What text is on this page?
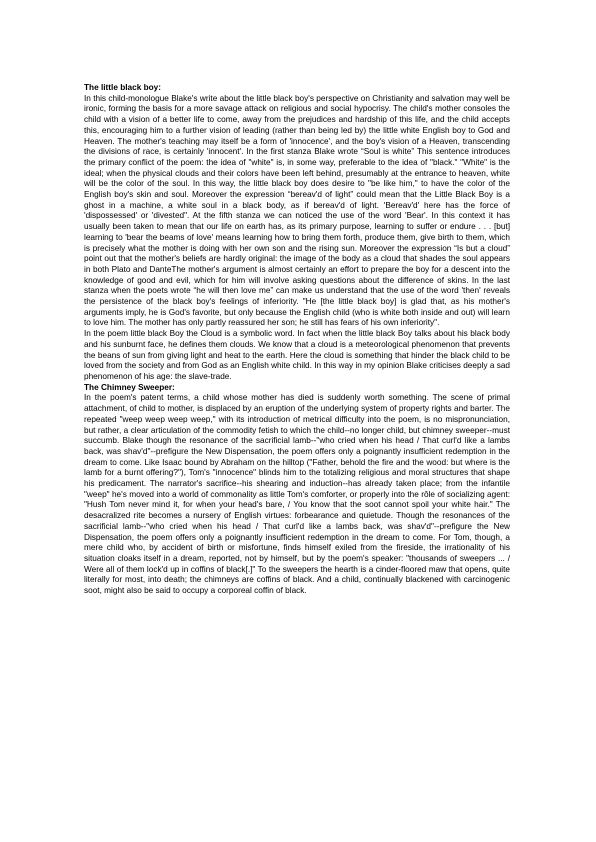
The little black boy:

In this child-monologue Blake's write about the little black boy's perspective on Christianity and salvation may well be ironic, forming the basis for a more savage attack on religious and social hypocrisy. The child's mother consoles the child with a vision of a better life to come, away from the prejudices and hardship of this life, and the child accepts this, encouraging him to a further vision of leading (rather than being led by) the little white English boy to God and Heaven. The mother's teaching may itself be a form of 'innocence', and the boy's vision of a Heaven, transcending the divisions of race, is certainly 'innocent'. In the first stanza Blake wrote “Soul is white” This sentence introduces the primary conflict of the poem: the idea of "white" is, in some way, preferable to the idea of "black." "White" is the ideal; when the physical clouds and their colors have been left behind, presumably at the entrance to heaven, white will be the color of the soul. In this way, the little black boy does desire to "be like him," to have the color of the English boy's skin and soul. Moreover the expression “bereav'd of light” could mean that the Little Black Boy is a ghost in a machine, a white soul in a black body, as if bereav'd of light. 'Bereav'd' here has the force of 'dispossessed' or 'divested". At the fifth stanza we can noticed the use of the word 'Bear'. In this context it has usually been taken to mean that our life on earth has, as its primary purpose, learning to suffer or endure . . . [but] learning to 'bear the beams of love' means learning how to bring them forth, produce them, give birth to them, which is precisely what the mother is doing with her own son and the rising sun. Moreover the expression “Is but a cloud” point out that the mother's beliefs are hardly original: the image of the body as a cloud that shades the soul appears in both Plato and DanteThe mother's argument is almost certainly an effort to prepare the boy for a descent into the knowledge of good and evil, which for him will involve asking questions about the difference of skins. In the last stanza when the poets wrote “he will then love me” can make us understand that the use of the word 'then' reveals the persistence of the black boy's feelings of inferiority. "He [the little black boy] is glad that, as his mother's arguments imply, he is God's favorite, but only because the English child (who is white both inside and out) will learn to love him. The mother has only partly reassured her son; he still has fears of his own inferiority".

In the poem little black Boy the Cloud is a symbolic word. In fact when the little black Boy talks about his black body and his sunburnt face, he defines them clouds. We know that a cloud is a meteorological phenomenon that prevents the beans of sun from giving light and heat to the earth. Here the cloud is something that hinder the black child to be loved from the society and from God as an English white child. In this way in my opinion Blake criticises deeply a sad phenomenon of his age: the slave-trade.

The Chimney Sweeper:

In the poem's patent terms, a child whose mother has died is suddenly worth something. The scene of primal attachment, of child to mother, is displaced by an eruption of the underlying system of property rights and barter. The repeated "weep weep weep weep," with its introduction of metrical difficulty into the poem, is no mispronunciation, but rather, a clear articulation of the commodity fetish to which the child--no longer child, but chimney sweeper--must succumb. Blake though the resonance of the sacrificial lamb--"who cried when his head / That curl'd like a lambs back, was shav'd"--prefigure the New Dispensation, the poem offers only a poignantly insufficient redemption in the dream to come. Like Isaac bound by Abraham on the hilltop ("Father, behold the fire and the wood: but where is the lamb for a burnt offering?"), Tom's "innocence" blinds him to the totalizing religious and moral structures that shape his predicament. The narrator's sacrifice--his shearing and induction--has already taken place; from the infantile "weep" he's moved into a world of commonality as little Tom's comforter, or properly into the rôle of socializing agent: "Hush Tom never mind it, for when your head's bare, / You know that the soot cannot spoil your white hair." The desacralized rite becomes a nursery of English virtues: forbearance and quietude. Though the resonances of the sacrificial lamb--"who cried when his head / That curl'd like a lambs back, was shav'd"--prefigure the New Dispensation, the poem offers only a poignantly insufficient redemption in the dream to come. For Tom, though, a mere child who, by accident of birth or misfortune, finds himself exiled from the fireside, the irrationality of his situation cloaks itself in a dream, reported, not by himself, but by the poem's speaker: "thousands of sweepers ... / Were all of them lock'd up in coffins of black[.]" To the sweepers the hearth is a cinder-floored maw that opens, quite literally for most, into death; the chimneys are coffins of black. And a child, continually blackened with carcinogenic soot, might also be said to occupy a corporeal coffin of black.
